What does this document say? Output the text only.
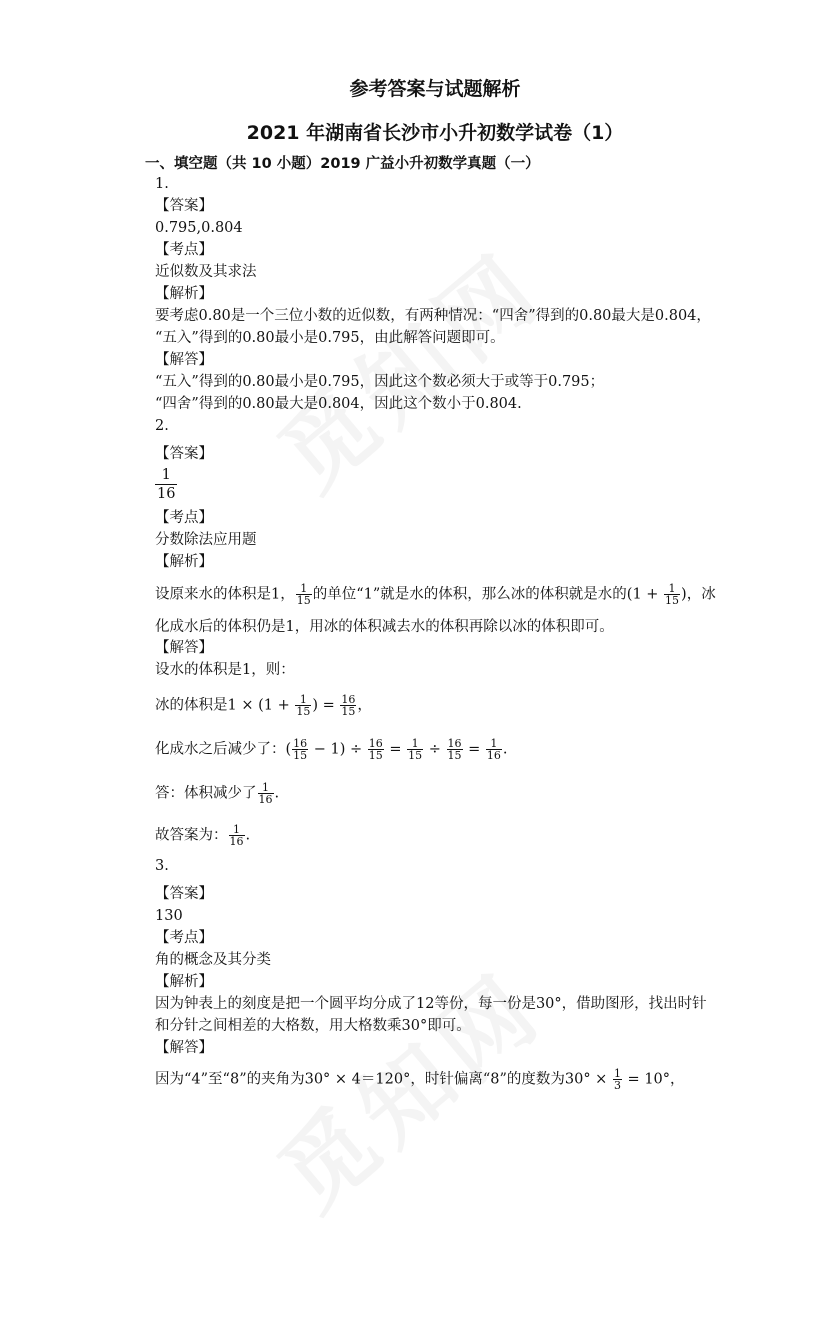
参考答案与试题解析
2021 年湖南省长沙市小升初数学试卷（1）
一、填空题（共 10 小题）2019 广益小升初数学真题（一）
1.
【答案】
0.795,0.804
【考点】
近似数及其求法
【解析】
要考虑0.80是一个三位小数的近似数，有两种情况：“四舍”得到的0.80最大是0.804，
“五入”得到的0.80最小是0.795，由此解答问题即可。
【解答】
“五入”得到的0.80最小是0.795，因此这个数必须大于或等于0.795；
“四舍”得到的0.80最大是0.804，因此这个数小于0.804.
2.
【答案】
$\frac{1}{16}$
【考点】
分数除法应用题
【解析】
设原来水的体积是1， $\frac{1}{15}$ 的单位“1”就是水的体积，那么冰的体积就是水的($1 + \frac{1}{15}$ )，冰
化成水后的体积仍是1，用冰的体积减去水的体积再除以冰的体积即可。
【解答】
设水的体积是1，则：
冰的体积是$1 \times (1 + \frac{1}{15}$ ) = $\frac{16}{15}$ ，
化成水之后减少了：( $\frac{16}{15} - 1) \div \frac{16}{15} = \frac{1}{15} \div \frac{16}{15} = \frac{1}{16}$ .
答：体积减少了 $\frac{1}{16}$ .
故答案为： $\frac{1}{16}$ .
3.
【答案】
130
【考点】
角的概念及其分类
【解析】
因为钟表上的刻度是把一个圆平均分成了12等份，每一份是30°，借助图形，找出时针
和分针之间相差的大格数，用大格数乘30°即可。
【解答】
因为“4”至“8”的夹角为30° × 4＝120°，时针偏离“8”的度数为$30^\circ \times \frac{1}{3} = 10^\circ$，
